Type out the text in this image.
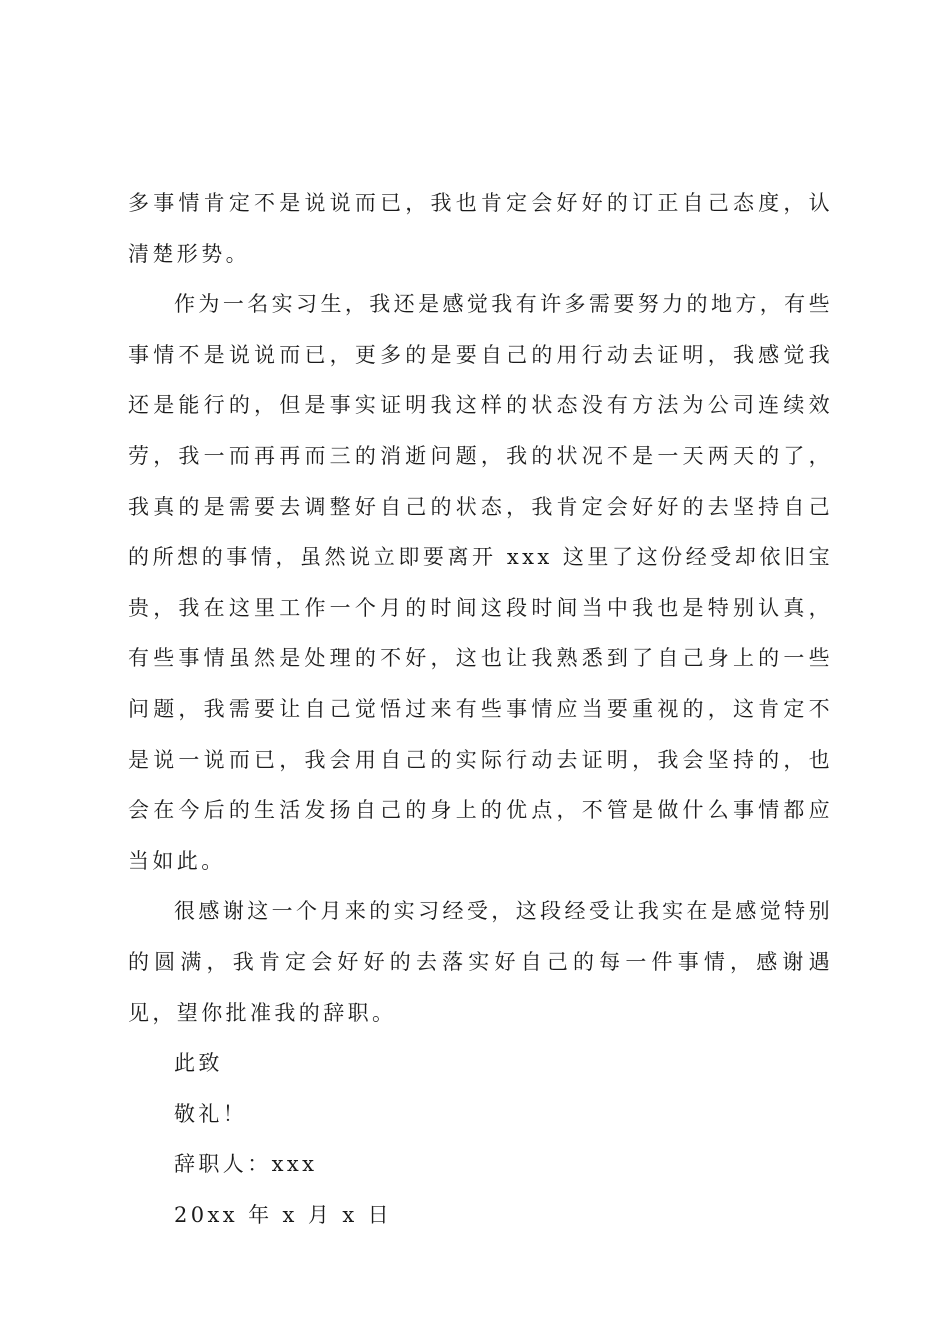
多事情肯定不是说说而已，我也肯定会好好的订正自己态度，认清楚形势。

作为一名实习生，我还是感觉我有许多需要努力的地方，有些事情不是说说而已，更多的是要自己的用行动去证明，我感觉我还是能行的，但是事实证明我这样的状态没有方法为公司连续效劳，我一而再再而三的消逝问题，我的状况不是一天两天的了，我真的是需要去调整好自己的状态，我肯定会好好的去坚持自己的所想的事情，虽然说立即要离开 xxx 这里了这份经受却依旧宝贵，我在这里工作一个月的时间这段时间当中我也是特别认真，有些事情虽然是处理的不好，这也让我熟悉到了自己身上的一些问题，我需要让自己觉悟过来有些事情应当要重视的，这肯定不是说一说而已，我会用自己的实际行动去证明，我会坚持的，也会在今后的生活发扬自己的身上的优点，不管是做什么事情都应当如此。

很感谢这一个月来的实习经受，这段经受让我实在是感觉特别的圆满，我肯定会好好的去落实好自己的每一件事情，感谢遇见，望你批准我的辞职。

此致

敬礼！

辞职人：xxx

20xx 年 x 月 x 日
